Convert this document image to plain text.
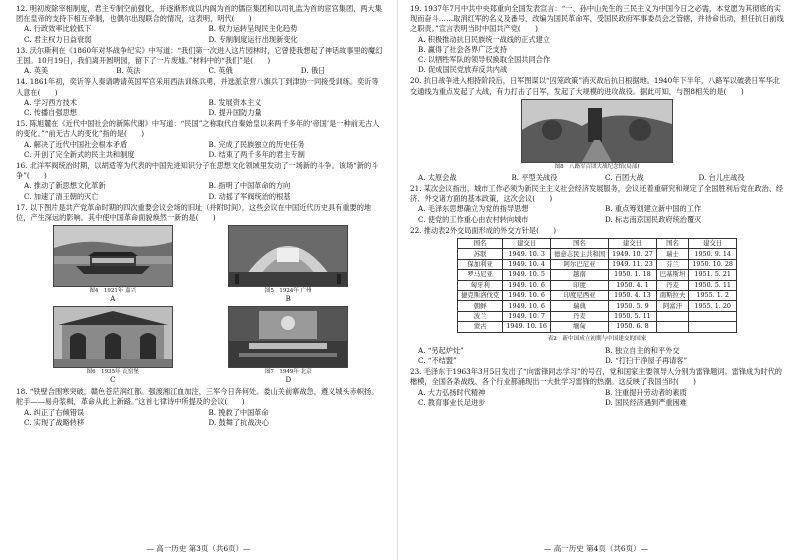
12. 明初废除宰相制度，君主专制空前强化，并逐渐形成以内阁为首的儒臣集团和以司礼监为首的宦官集团，两大集团在皇帝的支持下相互牵制，也偶尔出现联合的情况，这表明，明代(　　)
A. 行政效率比较低下	B. 权力运转呈现民主化趋势
C. 君主权力日益衰弱	D. 专制制度运行出现新变化
13. 沃尔斯利在《1860年对华战争纪实》中写道：“我们第一次进入这片园林时，它曾使我想起了神话故事里的魔幻王国。10月19日，我们离开圆明园，留下了一片废墟。”材料中的“我们”是(　　)
A. 英美	B. 英法	C. 英俄	D. 俄日
14. 1861年初，奕䜣等人奏请聘请英国军官采用西法训练兵勇，并选派京营八旗兵丁到津协一同接受训练。奕䜣等人意在(　　)
A. 学习西方技术	B. 发展资本主义
C. 传播自强思想	D. 提升国防力量
15. 陈旭麓在《近代中国社会的新陈代谢》中写道：“民国”之称取代自秦始皇以来两千多年的‘帝国’是一种前无古人的变化。”“前无古人的变化”指的是(　　)
A. 解决了近代中国社会根本矛盾	B. 完成了民族独立的历史任务
C. 开创了完全新式的民主共和制度	D. 结束了两千多年的君主专制
16. 北洋军阀统治时期，以胡适等为代表的中国先进知识分子在思想文化领域里发动了一场新的斗争。该场“新的斗争”(　　)
A. 推动了新思想文化革新	B. 指明了中国革命的方向
C. 加速了清王朝的灭亡	D. 动摇了军阀统治的根基
17. 以下图片是共产党革命时期的四次重要会议会场的旧址（并附时间），这些会议在中国近代历史具有重要的地位，产生深远的影响。其中使中国革命面貌焕然一新的是(　　)
图4　1921年 嘉兴
A
图5　1924年 广州
B
图6　1935年 瓦窑堡
C
图7　1949年 北京
D
18. “铁壁合围寒突破，赣色苍茫润红都。强渡湘江血加注，三军今日奔何处。娄山关前寨战急，遵义城头赤帜扬。舵手——易舟浆楫，革命从此上新路。”这首七律诗中所提及的会议(　　)
A. 纠正了右倾错误	B. 挽救了中国革命
C. 实现了战略转移	D. 鼓舞了抗战决心
— 高一历史 第3页（共6页）—
19. 1937年7月中共中央郑重向全国发表宣言：“一、孙中山先生的三民主义为中国今日之必需，本党愿为其彻底的实现而奋斗……取消红军的名义及番号，改编为国民革命军，受国民政府军事委员会之管辖，并待命出动，担任抗日前线之职责。”宣言表明当时中国共产党(　　)
A. 积极推动抗日民族统一战线的正式建立
B. 赢得了社会各界广泛支持
C. 以牺牲军队的领导权换取全国共同合作
D. 促成国民党放弃反共内战
20. 抗日战争进入相持阶段后，日军图谋以“囚笼政策”消灭敌后抗日根据地。1940年下半年，八路军以破袭日军华北交通线为重点发起了大战，有力打击了日军，发起了大规模的进攻战役。据此可知，与图8相关的是(　　)
图8　八路军百团大战纪念馆(局部)
A. 太原会战	B. 平型关战役	C. 百团大战	D. 台儿庄战役
21. 某次会议指出，城市工作必须为新民主主义社会经济发展服务，会议还着重研究和规定了全国胜利后党在政治、经济、外交诸方面的基本政策，这次会议(　　)
A. 毛泽东思想确立为党的指导思想	B. 重点筹划建立新中国的工作
C. 使党的工作重心由农村转向城市	D. 标志南京国民政府统治覆灭
22. 推动表2外交局面形成的外交方针是(　　)
国名	建交日	国名	建交日	国名	建交日
苏联	1949. 10. 3	德意志民主共和国	1949. 10. 27	瑞士	1950. 9. 14
保加利亚	1949. 10. 4	阿尔巴尼亚	1949. 11. 23	芬兰	1950. 10. 28
罗马尼亚	1949. 10. 5	越南	1950. 1. 18	巴基斯坦	1951. 5. 21
匈牙利	1949. 10. 6	印度	1950. 4. 1	丹麦	1950. 5. 11
捷克斯洛伐克	1949. 10. 6	印度尼西亚	1950. 4. 13	南斯拉夫	1955. 1. 2
朝鲜	1949. 10. 6	瑞典	1950. 5. 9	阿富汗	1955. 1. 20
波兰	1949. 10. 7	丹麦	1950. 5. 11		
蒙古	1949. 10. 16	缅甸	1950. 6. 8		
表2　新中国成立初期与中国建交的国家
A. “另起炉灶”	B. 独立自主的和平外交
C. “不结盟”	D. “打扫干净屋子再请客”
23. 毛泽东于1963年3月5日发出了“向雷锋同志学习”的号召，党和国家主要领导人分别为雷锋题词。雷锋成为时代的楷模，全国各条战线、各个行业都涌现出一大批学习雷锋的热潮。这反映了我国当时(　　)
A. 大力弘扬时代精神	B. 注重提升劳动者的素质
C. 教育事业长足进步	D. 国民经济遇到严重困难
— 高一历史 第4页（共6页）—
